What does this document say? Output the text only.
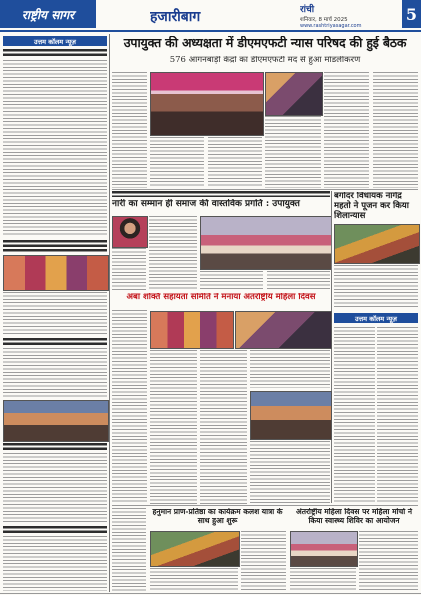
राष्ट्रीय सागर	हजारीबाग	रांची
शनिवार, 8 मार्च 2025
www.rashtriyasagar.com
5
उत्तम कॉलम न्यूज़	उपायुक्त की अध्यक्षता में डीएमएफटी न्यास परिषद की हुई बैठक
576 आंगनबाड़ी केंद्रों का डीएमएफटी मद से हुआ मॉडलीकरण
नारी का सम्मान ही समाज की वास्तविक प्रगति : उपायुक्त
बगोदर विधायक नागेंद्र महतो ने पूजन कर किया शिलान्यास
अंबा शक्ति सहायता समिति ने मनाया अंतर्राष्ट्रीय महिला दिवस
उत्तम कॉलम न्यूज़
हनुमान प्राण-प्रतिष्ठा का कार्यक्रम कलश यात्रा के साथ हुआ शुरू
अंतर्राष्ट्रीय महिला दिवस पर महिला मोर्चा ने किया स्वास्थ्य शिविर का आयोजन
